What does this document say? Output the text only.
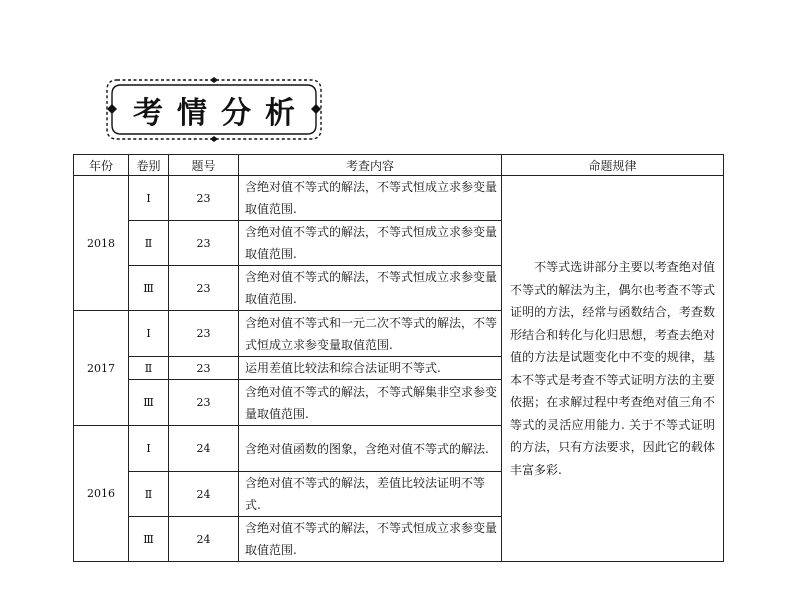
考情分析
年份	卷别	题号	考查内容	命题规律
2018	Ⅰ	23	含绝对值不等式的解法，不等式恒成立求参变量取值范围.	　　不等式选讲部分主要以考查绝对值不等式的解法为主，偶尔也考查不等式证明的方法，经常与函数结合，考查数形结合和转化与化归思想，考查去绝对值的方法是试题变化中不变的规律，基本不等式是考查不等式证明方法的主要依据；在求解过程中考查绝对值三角不等式的灵活应用能力. 关于不等式证明的方法，只有方法要求，因此它的载体丰富多彩.
	Ⅱ	23	含绝对值不等式的解法，不等式恒成立求参变量取值范围.	
	Ⅲ	23	含绝对值不等式的解法，不等式恒成立求参变量取值范围.	
2017	Ⅰ	23	含绝对值不等式和一元二次不等式的解法，不等式恒成立求参变量取值范围.	
	Ⅱ	23	运用差值比较法和综合法证明不等式.	
	Ⅲ	23	含绝对值不等式的解法，不等式解集非空求参变量取值范围.	
2016	Ⅰ	24	含绝对值函数的图象，含绝对值不等式的解法.	
	Ⅱ	24	含绝对值不等式的解法，差值比较法证明不等式.	
	Ⅲ	24	含绝对值不等式的解法，不等式恒成立求参变量取值范围.	
